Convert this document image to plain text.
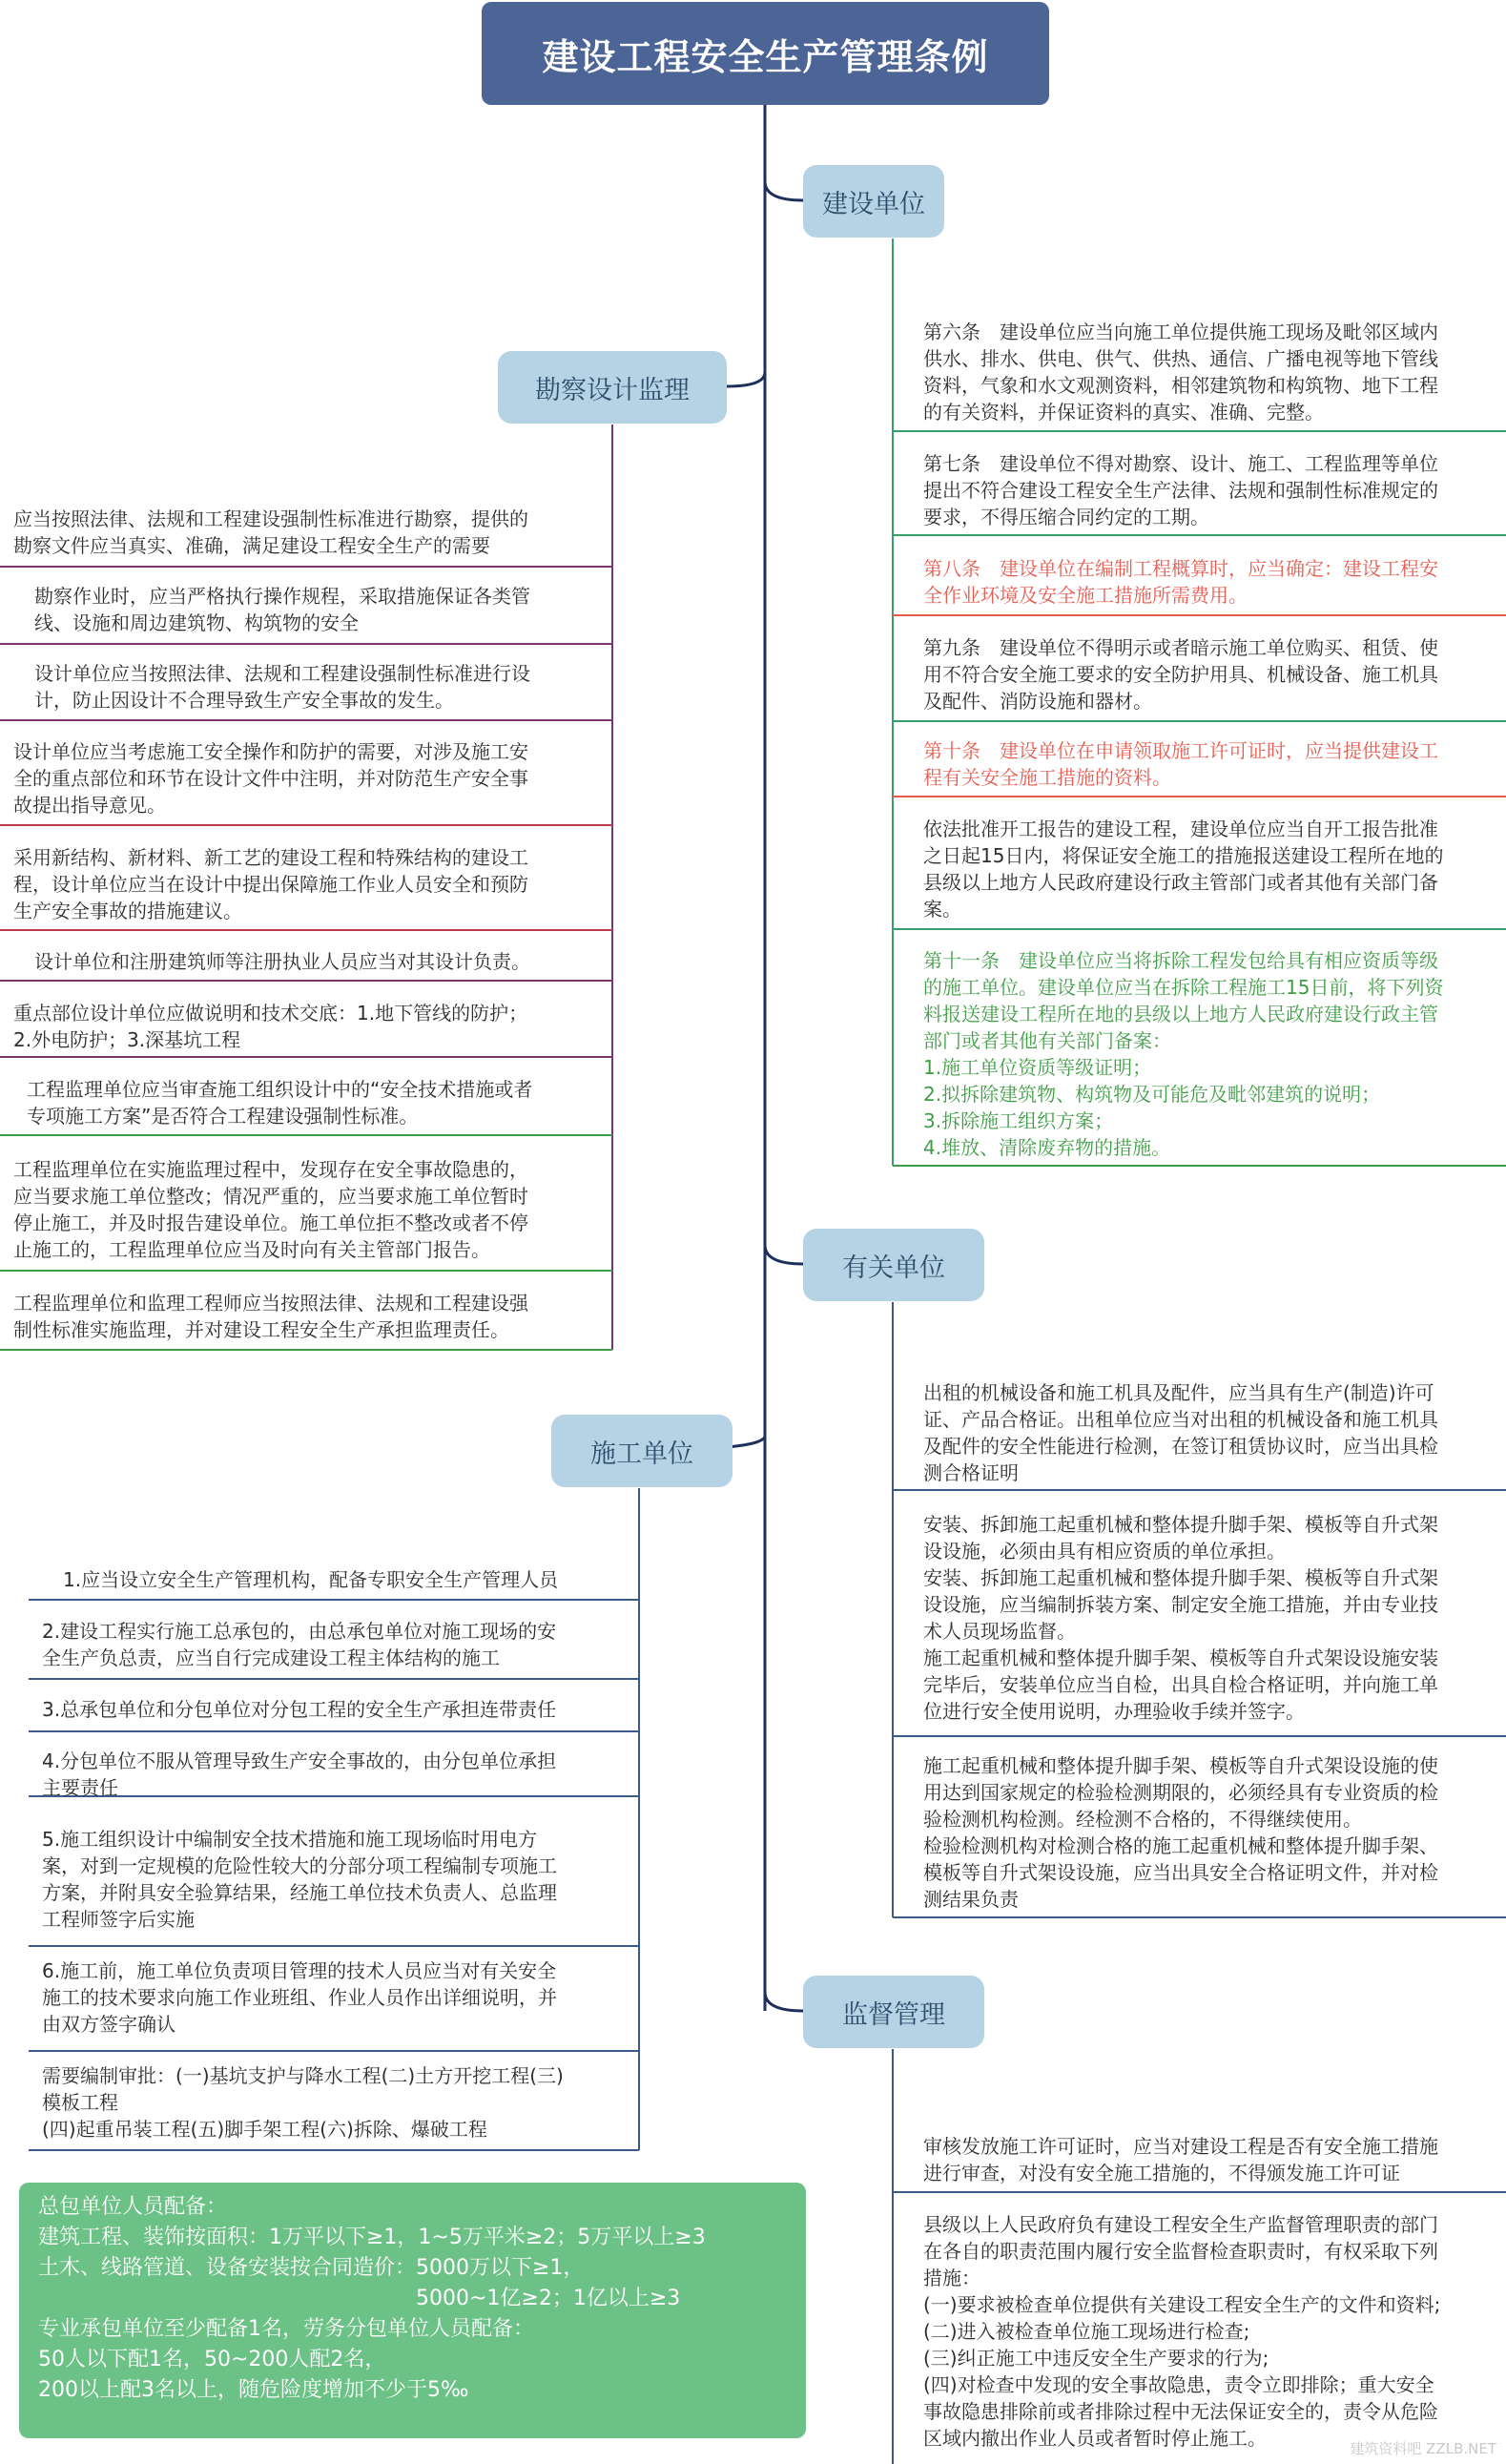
建设工程安全生产管理条例
建设单位
勘察设计监理
有关单位
施工单位
监督管理
第六条　建设单位应当向施工单位提供施工现场及毗邻区域内
供水、排水、供电、供气、供热、通信、广播电视等地下管线
资料，气象和水文观测资料，相邻建筑物和构筑物、地下工程
的有关资料，并保证资料的真实、准确、完整。
第七条　建设单位不得对勘察、设计、施工、工程监理等单位
提出不符合建设工程安全生产法律、法规和强制性标准规定的
要求，不得压缩合同约定的工期。
第八条　建设单位在编制工程概算时，应当确定：建设工程安
全作业环境及安全施工措施所需费用。
第九条　建设单位不得明示或者暗示施工单位购买、租赁、使
用不符合安全施工要求的安全防护用具、机械设备、施工机具
及配件、消防设施和器材。
第十条　建设单位在申请领取施工许可证时，应当提供建设工
程有关安全施工措施的资料。
依法批准开工报告的建设工程，建设单位应当自开工报告批准
之日起15日内，将保证安全施工的措施报送建设工程所在地的
县级以上地方人民政府建设行政主管部门或者其他有关部门备
案。
第十一条　建设单位应当将拆除工程发包给具有相应资质等级
的施工单位。建设单位应当在拆除工程施工15日前，将下列资
料报送建设工程所在地的县级以上地方人民政府建设行政主管
部门或者其他有关部门备案：
1.施工单位资质等级证明；
2.拟拆除建筑物、构筑物及可能危及毗邻建筑的说明；
3.拆除施工组织方案；
4.堆放、清除废弃物的措施。
应当按照法律、法规和工程建设强制性标准进行勘察，提供的
勘察文件应当真实、准确，满足建设工程安全生产的需要
勘察作业时，应当严格执行操作规程，采取措施保证各类管
线、设施和周边建筑物、构筑物的安全
设计单位应当按照法律、法规和工程建设强制性标准进行设
计，防止因设计不合理导致生产安全事故的发生。
设计单位应当考虑施工安全操作和防护的需要，对涉及施工安
全的重点部位和环节在设计文件中注明，并对防范生产安全事
故提出指导意见。
采用新结构、新材料、新工艺的建设工程和特殊结构的建设工
程，设计单位应当在设计中提出保障施工作业人员安全和预防
生产安全事故的措施建议。
设计单位和注册建筑师等注册执业人员应当对其设计负责。
重点部位设计单位应做说明和技术交底：1.地下管线的防护；
2.外电防护；3.深基坑工程
工程监理单位应当审查施工组织设计中的“安全技术措施或者
专项施工方案”是否符合工程建设强制性标准。
工程监理单位在实施监理过程中，发现存在安全事故隐患的，
应当要求施工单位整改；情况严重的，应当要求施工单位暂时
停止施工，并及时报告建设单位。施工单位拒不整改或者不停
止施工的，工程监理单位应当及时向有关主管部门报告。
工程监理单位和监理工程师应当按照法律、法规和工程建设强
制性标准实施监理，并对建设工程安全生产承担监理责任。
出租的机械设备和施工机具及配件，应当具有生产(制造)许可
证、产品合格证。出租单位应当对出租的机械设备和施工机具
及配件的安全性能进行检测，在签订租赁协议时，应当出具检
测合格证明
安装、拆卸施工起重机械和整体提升脚手架、模板等自升式架
设设施，必须由具有相应资质的单位承担。
安装、拆卸施工起重机械和整体提升脚手架、模板等自升式架
设设施，应当编制拆装方案、制定安全施工措施，并由专业技
术人员现场监督。
施工起重机械和整体提升脚手架、模板等自升式架设设施安装
完毕后，安装单位应当自检，出具自检合格证明，并向施工单
位进行安全使用说明，办理验收手续并签字。
施工起重机械和整体提升脚手架、模板等自升式架设设施的使
用达到国家规定的检验检测期限的，必须经具有专业资质的检
验检测机构检测。经检测不合格的，不得继续使用。
检验检测机构对检测合格的施工起重机械和整体提升脚手架、
模板等自升式架设设施，应当出具安全合格证明文件，并对检
测结果负责
1.应当设立安全生产管理机构，配备专职安全生产管理人员
2.建设工程实行施工总承包的，由总承包单位对施工现场的安
全生产负总责，应当自行完成建设工程主体结构的施工
3.总承包单位和分包单位对分包工程的安全生产承担连带责任
4.分包单位不服从管理导致生产安全事故的，由分包单位承担
主要责任
5.施工组织设计中编制安全技术措施和施工现场临时用电方
案，对到一定规模的危险性较大的分部分项工程编制专项施工
方案，并附具安全验算结果，经施工单位技术负责人、总监理
工程师签字后实施
6.施工前，施工单位负责项目管理的技术人员应当对有关安全
施工的技术要求向施工作业班组、作业人员作出详细说明，并
由双方签字确认
需要编制审批：(一)基坑支护与降水工程(二)土方开挖工程(三)
模板工程
(四)起重吊装工程(五)脚手架工程(六)拆除、爆破工程
总包单位人员配备：
建筑工程、装饰按面积：1万平以下≥1，1~5万平米≥2；5万平以上≥3
土木、线路管道、设备安装按合同造价：5000万以下≥1，
　　　　　　　　　　　　　　　　　　5000~1亿≥2；1亿以上≥3
专业承包单位至少配备1名，劳务分包单位人员配备：
50人以下配1名，50~200人配2名，
200以上配3名以上，随危险度增加不少于5‰
审核发放施工许可证时，应当对建设工程是否有安全施工措施
进行审查，对没有安全施工措施的，不得颁发施工许可证
县级以上人民政府负有建设工程安全生产监督管理职责的部门
在各自的职责范围内履行安全监督检查职责时，有权采取下列
措施：
(一)要求被检查单位提供有关建设工程安全生产的文件和资料;
(二)进入被检查单位施工现场进行检查;
(三)纠正施工中违反安全生产要求的行为;
(四)对检查中发现的安全事故隐患，责令立即排除；重大安全
事故隐患排除前或者排除过程中无法保证安全的，责令从危险
区域内撤出作业人员或者暂时停止施工。	建筑资料吧 ZZLB.NET
